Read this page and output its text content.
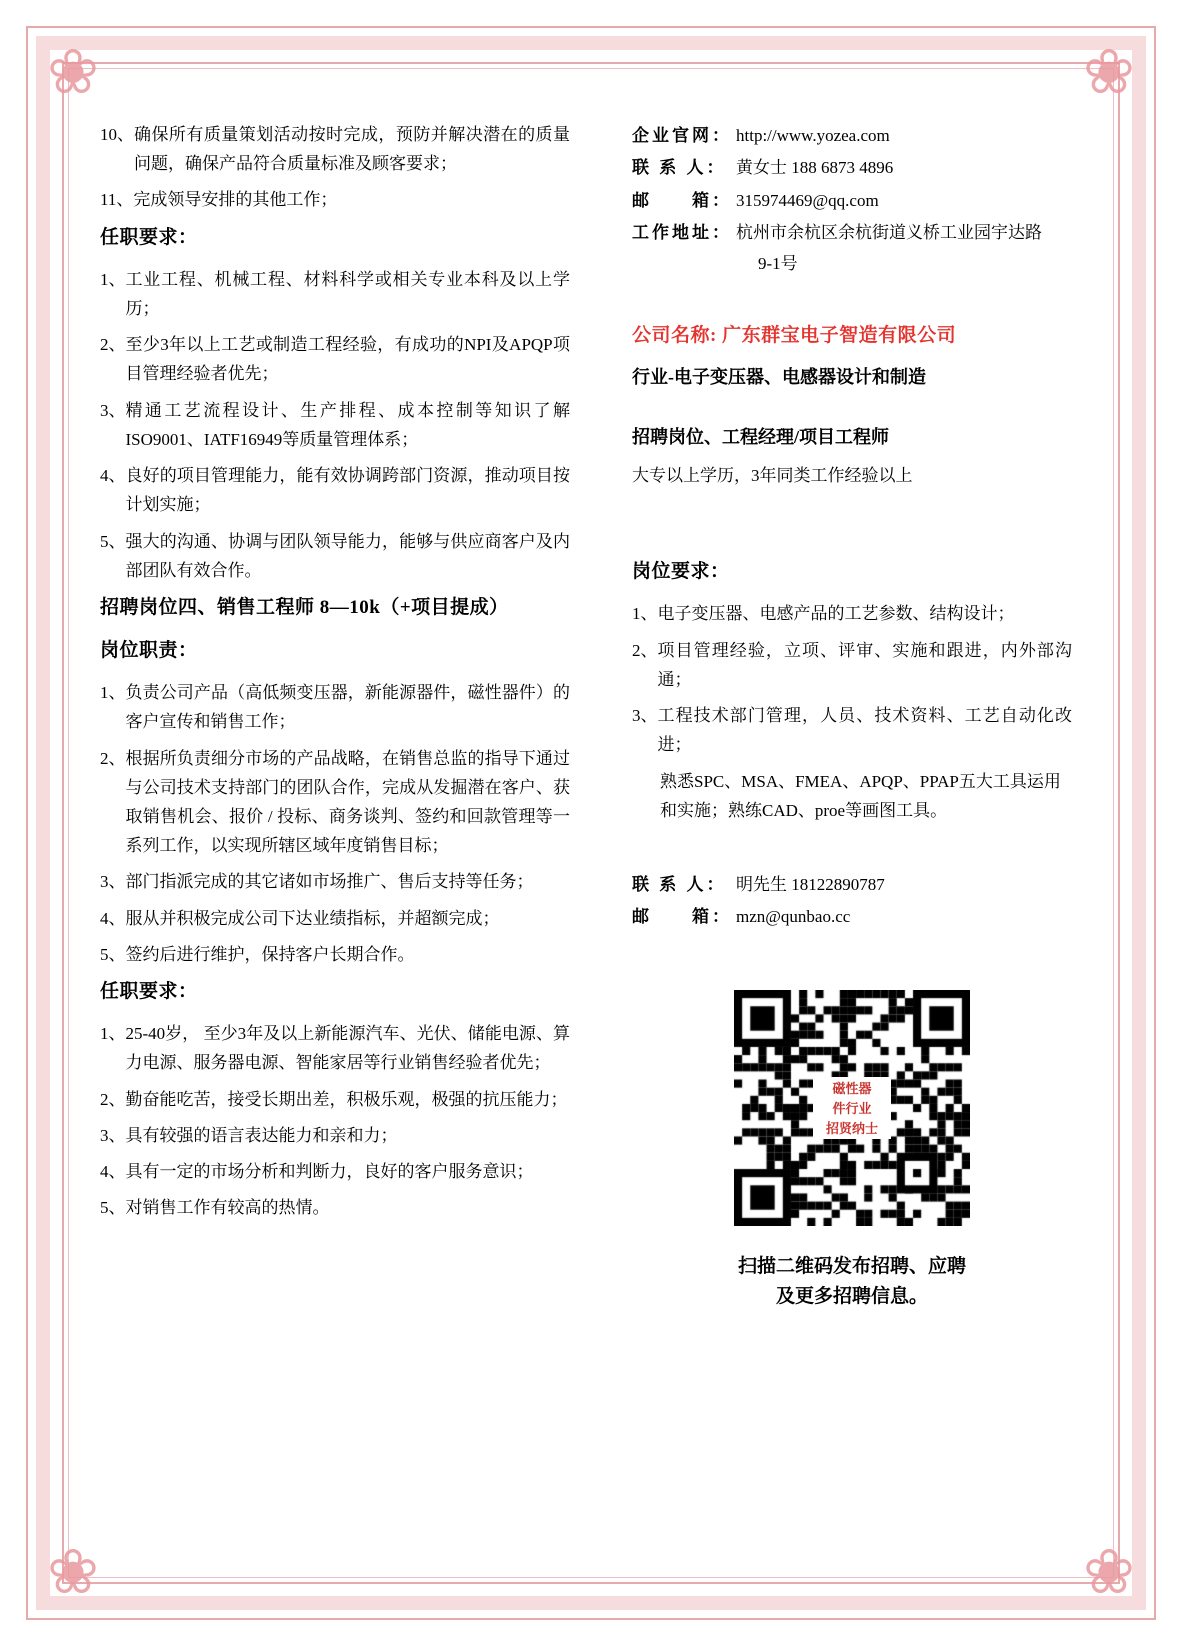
❀	❀
❀	❀
10、 确保所有质量策划活动按时完成，预防并解决潜在的质量问题，确保产品符合质量标准及顾客要求；
11、 完成领导安排的其他工作；
任职要求：
1、 工业工程、机械工程、材料科学或相关专业本科及以上学历；
2、 至少3年以上工艺或制造工程经验，有成功的NPI及APQP项目管理经验者优先；
3、 精通工艺流程设计、生产排程、成本控制等知识了解ISO9001、IATF16949等质量管理体系；
4、 良好的项目管理能力，能有效协调跨部门资源，推动项目按计划实施；
5、 强大的沟通、协调与团队领导能力，能够与供应商客户及内部团队有效合作。
招聘岗位四、销售工程师 8—10k（+项目提成）
岗位职责：
1、 负责公司产品（高低频变压器，新能源器件，磁性器件）的客户宣传和销售工作；
2、 根据所负责细分市场的产品战略，在销售总监的指导下通过与公司技术支持部门的团队合作，完成从发掘潜在客户、获取销售机会、报价 / 投标、商务谈判、签约和回款管理等一系列工作，以实现所辖区域年度销售目标；
3、 部门指派完成的其它诸如市场推广、售后支持等任务；
4、 服从并积极完成公司下达业绩指标，并超额完成；
5、 签约后进行维护，保持客户长期合作。
任职要求：
1、 25‑40岁， 至少3年及以上新能源汽车、光伏、储能电源、算力电源、服务器电源、智能家居等行业销售经验者优先；
2、 勤奋能吃苦，接受长期出差，积极乐观，极强的抗压能力；
3、 具有较强的语言表达能力和亲和力；
4、 具有一定的市场分析和判断力，良好的客户服务意识；
5、 对销售工作有较高的热情。
企业官网： http://www.yozea.com
联 系 人： 黄女士 188 6873 4896
邮　　箱： 315974469@qq.com
工作地址： 杭州市余杭区余杭街道义桥工业园宇达路
9‑1号
公司名称: 广东群宝电子智造有限公司
行业‑电子变压器、电感器设计和制造
招聘岗位、工程经理/项目工程师
大专以上学历，3年同类工作经验以上
岗位要求：
1、 电子变压器、电感产品的工艺参数、结构设计；
2、 项目管理经验，立项、评审、实施和跟进，内外部沟通；
3、 工程技术部门管理，人员、技术资料、工艺自动化改进；
熟悉SPC、MSA、FMEA、APQP、PPAP五大工具运用和实施；熟练CAD、proe等画图工具。
联 系 人： 明先生 18122890787
邮　　箱： mzn@qunbao.cc
磁性器
件行业
招贤纳士
扫描二维码发布招聘、应聘
及更多招聘信息。
